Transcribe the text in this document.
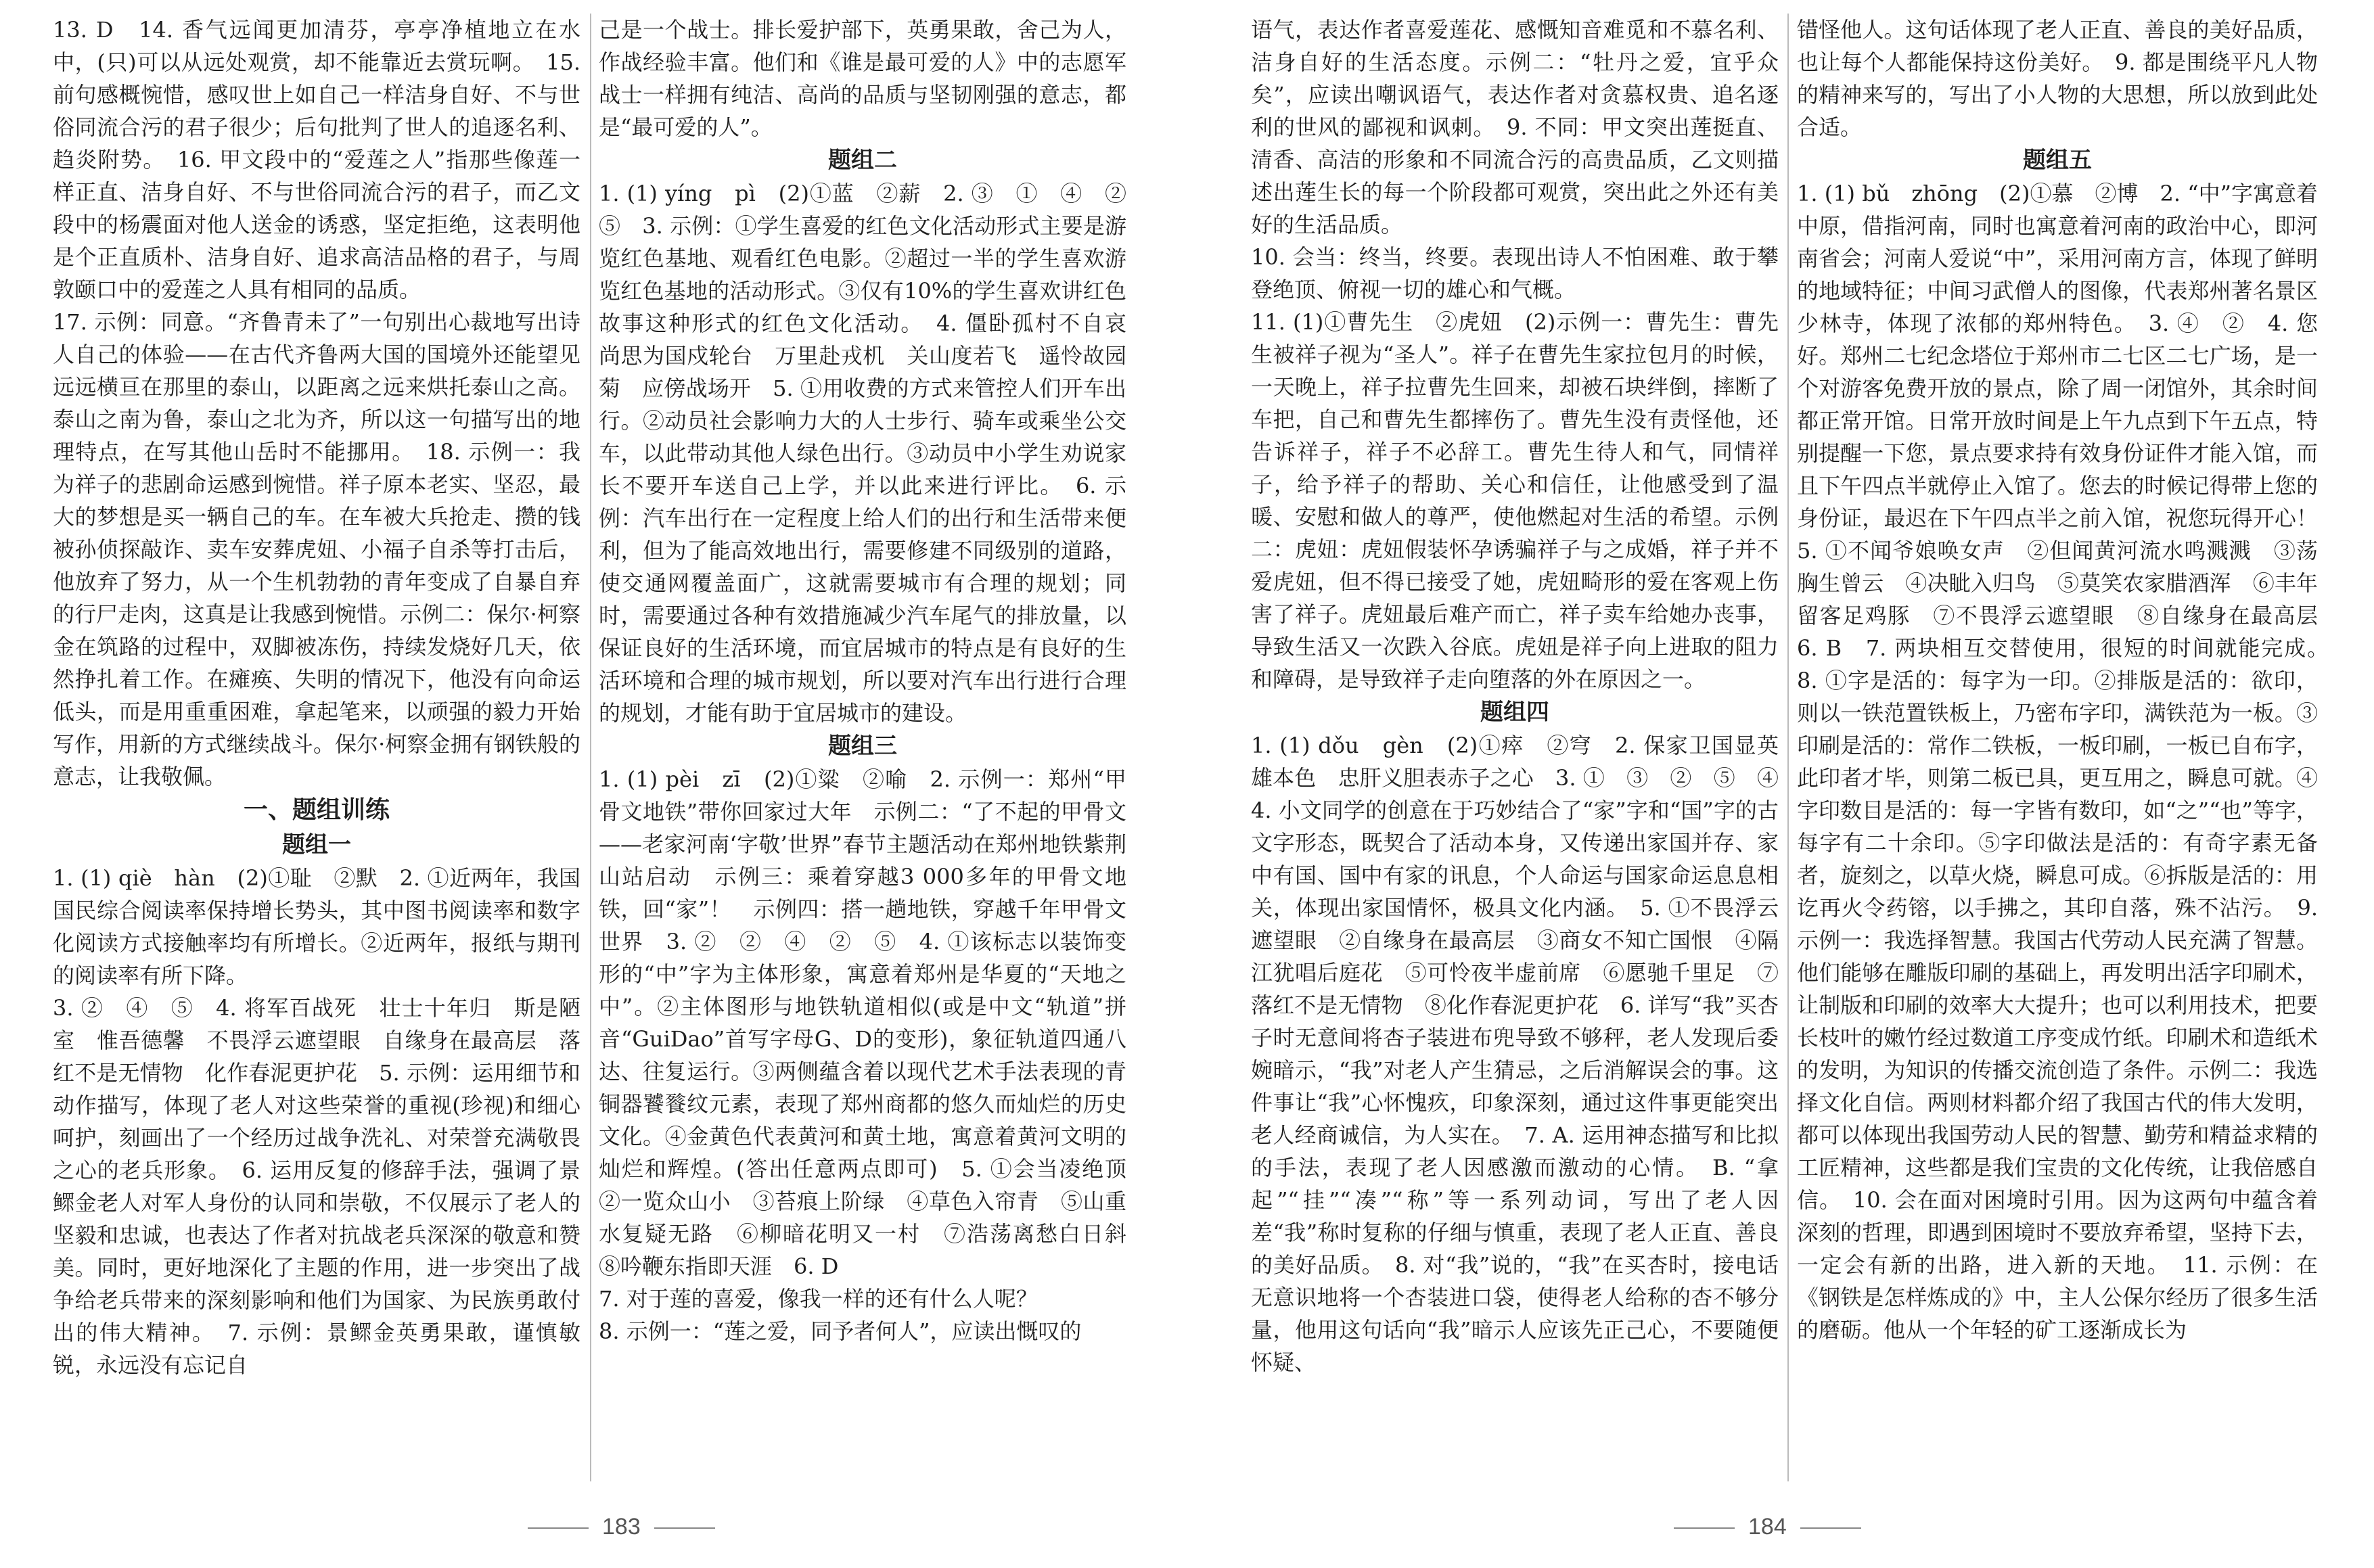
13. D　14. 香气远闻更加清芬，亭亭净植地立在水中，(只)可以从远处观赏，却不能靠近去赏玩啊。　15. 前句感概惋惜，感叹世上如自己一样洁身自好、不与世俗同流合污的君子很少；后句批判了世人的追逐名利、趋炎附势。　16. 甲文段中的“爱莲之人”指那些像莲一样正直、洁身自好、不与世俗同流合污的君子，而乙文段中的杨震面对他人送金的诱惑，坚定拒绝，这表明他是个正直质朴、洁身自好、追求高洁品格的君子，与周敦颐口中的爱莲之人具有相同的品质。

17. 示例：同意。“齐鲁青未了”一句别出心裁地写出诗人自己的体验——在古代齐鲁两大国的国境外还能望见远远横亘在那里的泰山，以距离之远来烘托泰山之高。泰山之南为鲁，泰山之北为齐，所以这一句描写出的地理特点，在写其他山岳时不能挪用。　18. 示例一：我为祥子的悲剧命运感到惋惜。祥子原本老实、坚忍，最大的梦想是买一辆自己的车。在车被大兵抢走、攒的钱被孙侦探敲诈、卖车安葬虎妞、小福子自杀等打击后，他放弃了努力，从一个生机勃勃的青年变成了自暴自弃的行尸走肉，这真是让我感到惋惜。示例二：保尔·柯察金在筑路的过程中，双脚被冻伤，持续发烧好几天，依然挣扎着工作。在瘫痪、失明的情况下，他没有向命运低头，而是用重重困难，拿起笔来，以顽强的毅力开始写作，用新的方式继续战斗。保尔·柯察金拥有钢铁般的意志，让我敬佩。

一、题组训练
题组一

1. (1) qiè　hàn　(2)①耻　②默　2. ①近两年，我国国民综合阅读率保持增长势头，其中图书阅读率和数字化阅读方式接触率均有所增长。②近两年，报纸与期刊的阅读率有所下降。

3. ②　④　⑤　4. 将军百战死　壮士十年归　斯是陋室　惟吾德馨　不畏浮云遮望眼　自缘身在最高层　落红不是无情物　化作春泥更护花　5. 示例：运用细节和动作描写，体现了老人对这些荣誉的重视(珍视)和细心呵护，刻画出了一个经历过战争洗礼、对荣誉充满敬畏之心的老兵形象。　6. 运用反复的修辞手法，强调了景鳏金老人对军人身份的认同和崇敬，不仅展示了老人的坚毅和忠诚，也表达了作者对抗战老兵深深的敬意和赞美。同时，更好地深化了主题的作用，进一步突出了战争给老兵带来的深刻影响和他们为国家、为民族勇敢付出的伟大精神。　7. 示例：景鳏金英勇果敢，谨慎敏锐，永远没有忘记自

己是一个战士。排长爱护部下，英勇果敢，舍己为人，作战经验丰富。他们和《谁是最可爱的人》中的志愿军战士一样拥有纯洁、高尚的品质与坚韧刚强的意志，都是“最可爱的人”。

题组二

1. (1) yíng　pì　(2)①蓝　②薪　2. ③　①　④　②　⑤　3. 示例：①学生喜爱的红色文化活动形式主要是游览红色基地、观看红色电影。②超过一半的学生喜欢游览红色基地的活动形式。③仅有10%的学生喜欢讲红色故事这种形式的红色文化活动。　4. 僵卧孤村不自哀　尚思为国戍轮台　万里赴戎机　关山度若飞　遥怜故园菊　应傍战场开　5. ①用收费的方式来管控人们开车出行。②动员社会影响力大的人士步行、骑车或乘坐公交车，以此带动其他人绿色出行。③动员中小学生劝说家长不要开车送自己上学，并以此来进行评比。　6. 示例：汽车出行在一定程度上给人们的出行和生活带来便利，但为了能高效地出行，需要修建不同级别的道路，使交通网覆盖面广，这就需要城市有合理的规划；同时，需要通过各种有效措施减少汽车尾气的排放量，以保证良好的生活环境，而宜居城市的特点是有良好的生活环境和合理的城市规划，所以要对汽车出行进行合理的规划，才能有助于宜居城市的建设。

题组三

1. (1) pèi　zī　(2)①粱　②喻　2. 示例一：郑州“甲骨文地铁”带你回家过大年　示例二：“了不起的甲骨文——老家河南‘字敬’世界”春节主题活动在郑州地铁紫荆山站启动　示例三：乘着穿越3 000多年的甲骨文地铁，回“家”！　示例四：搭一趟地铁，穿越千年甲骨文世界　3. ②　②　④　②　⑤　4. ①该标志以装饰变形的“中”字为主体形象，寓意着郑州是华夏的“天地之中”。②主体图形与地铁轨道相似(或是中文“轨道”拼音“GuiDao”首写字母G、D的变形)，象征轨道四通八达、往复运行。③两侧蕴含着以现代艺术手法表现的青铜器饕餮纹元素，表现了郑州商都的悠久而灿烂的历史文化。④金黄色代表黄河和黄土地，寓意着黄河文明的灿烂和辉煌。(答出任意两点即可)　5. ①会当凌绝顶　②一览众山小　③苔痕上阶绿　④草色入帘青　⑤山重水复疑无路　⑥柳暗花明又一村　⑦浩荡离愁白日斜　⑧吟鞭东指即天涯　6. D

7. 对于莲的喜爱，像我一样的还有什么人呢？

8. 示例一：“莲之爱，同予者何人”，应读出慨叹的

183

语气，表达作者喜爱莲花、感慨知音难觅和不慕名利、洁身自好的生活态度。示例二：“牡丹之爱，宜乎众矣”，应读出嘲讽语气，表达作者对贪慕权贵、追名逐利的世风的鄙视和讽刺。　9. 不同：甲文突出莲挺直、清香、高洁的形象和不同流合污的高贵品质，乙文则描述出莲生长的每一个阶段都可观赏，突出此之外还有美好的生活品质。

10. 会当：终当，终要。表现出诗人不怕困难、敢于攀登绝顶、俯视一切的雄心和气概。

11. (1)①曹先生　②虎妞　(2)示例一：曹先生：曹先生被祥子视为“圣人”。祥子在曹先生家拉包月的时候，一天晚上，祥子拉曹先生回来，却被石块绊倒，摔断了车把，自己和曹先生都摔伤了。曹先生没有责怪他，还告诉祥子，祥子不必辞工。曹先生待人和气，同情祥子，给予祥子的帮助、关心和信任，让他感受到了温暖、安慰和做人的尊严，使他燃起对生活的希望。示例二：虎妞：虎妞假装怀孕诱骗祥子与之成婚，祥子并不爱虎妞，但不得已接受了她，虎妞畸形的爱在客观上伤害了祥子。虎妞最后难产而亡，祥子卖车给她办丧事，导致生活又一次跌入谷底。虎妞是祥子向上进取的阻力和障碍，是导致祥子走向堕落的外在原因之一。

题组四

1. (1) dǒu　gèn　(2)①瘁　②穹　2. 保家卫国显英雄本色　忠肝义胆表赤子之心　3. ①　③　②　⑤　④　4. 小文同学的创意在于巧妙结合了“家”字和“国”字的古文字形态，既契合了活动本身，又传递出家国并存、家中有国、国中有家的讯息，个人命运与国家命运息息相关，体现出家国情怀，极具文化内涵。　5. ①不畏浮云遮望眼　②自缘身在最高层　③商女不知亡国恨　④隔江犹唱后庭花　⑤可怜夜半虚前席　⑥愿驰千里足　⑦落红不是无情物　⑧化作春泥更护花　6. 详写“我”买杏子时无意间将杏子装进布兜导致不够秤，老人发现后委婉暗示，“我”对老人产生猜忌，之后消解误会的事。这件事让“我”心怀愧疚，印象深刻，通过这件事更能突出老人经商诚信，为人实在。　7. A. 运用神态描写和比拟的手法，表现了老人因感激而激动的心情。　B. “拿起”“挂”“凑”“称”等一系列动词，写出了老人因差“我”称时复称的仔细与慎重，表现了老人正直、善良的美好品质。　8. 对“我”说的，“我”在买杏时，接电话无意识地将一个杏装进口袋，使得老人给称的杏不够分量，他用这句话向“我”暗示人应该先正己心，不要随便怀疑、

错怪他人。这句话体现了老人正直、善良的美好品质，也让每个人都能保持这份美好。　9. 都是围绕平凡人物的精神来写的，写出了小人物的大思想，所以放到此处合适。

题组五

1. (1) bǔ　zhōng　(2)①慕　②博　2. “中”字寓意着中原，借指河南，同时也寓意着河南的政治中心，即河南省会；河南人爱说“中”，采用河南方言，体现了鲜明的地域特征；中间习武僧人的图像，代表郑州著名景区少林寺，体现了浓郁的郑州特色。　3. ④　②　4. 您好。郑州二七纪念塔位于郑州市二七区二七广场，是一个对游客免费开放的景点，除了周一闭馆外，其余时间都正常开馆。日常开放时间是上午九点到下午五点，特别提醒一下您，景点要求持有效身份证件才能入馆，而且下午四点半就停止入馆了。您去的时候记得带上您的身份证，最迟在下午四点半之前入馆，祝您玩得开心！　5. ①不闻爷娘唤女声　②但闻黄河流水鸣溅溅　③荡胸生曾云　④决眦入归鸟　⑤莫笑农家腊酒浑　⑥丰年留客足鸡豚　⑦不畏浮云遮望眼　⑧自缘身在最高层　6. B　7. 两块相互交替使用，很短的时间就能完成。　8. ①字是活的：每字为一印。②排版是活的：欲印，则以一铁范置铁板上，乃密布字印，满铁范为一板。③印刷是活的：常作二铁板，一板印刷，一板已自布字，此印者才毕，则第二板已具，更互用之，瞬息可就。④字印数目是活的：每一字皆有数印，如“之”“也”等字，每字有二十余印。⑤字印做法是活的：有奇字素无备者，旋刻之，以草火烧，瞬息可成。⑥拆版是活的：用讫再火令药镕，以手拂之，其印自落，殊不沾污。　9. 示例一：我选择智慧。我国古代劳动人民充满了智慧。他们能够在雕版印刷的基础上，再发明出活字印刷术，让制版和印刷的效率大大提升；也可以利用技术，把要长枝叶的嫩竹经过数道工序变成竹纸。印刷术和造纸术的发明，为知识的传播交流创造了条件。示例二：我选择文化自信。两则材料都介绍了我国古代的伟大发明，都可以体现出我国劳动人民的智慧、勤劳和精益求精的工匠精神，这些都是我们宝贵的文化传统，让我倍感自信。　10. 会在面对困境时引用。因为这两句中蕴含着深刻的哲理，即遇到困境时不要放弃希望，坚持下去，一定会有新的出路，进入新的天地。　11. 示例：在《钢铁是怎样炼成的》中，主人公保尔经历了很多生活的磨砺。他从一个年轻的矿工逐渐成长为

184
